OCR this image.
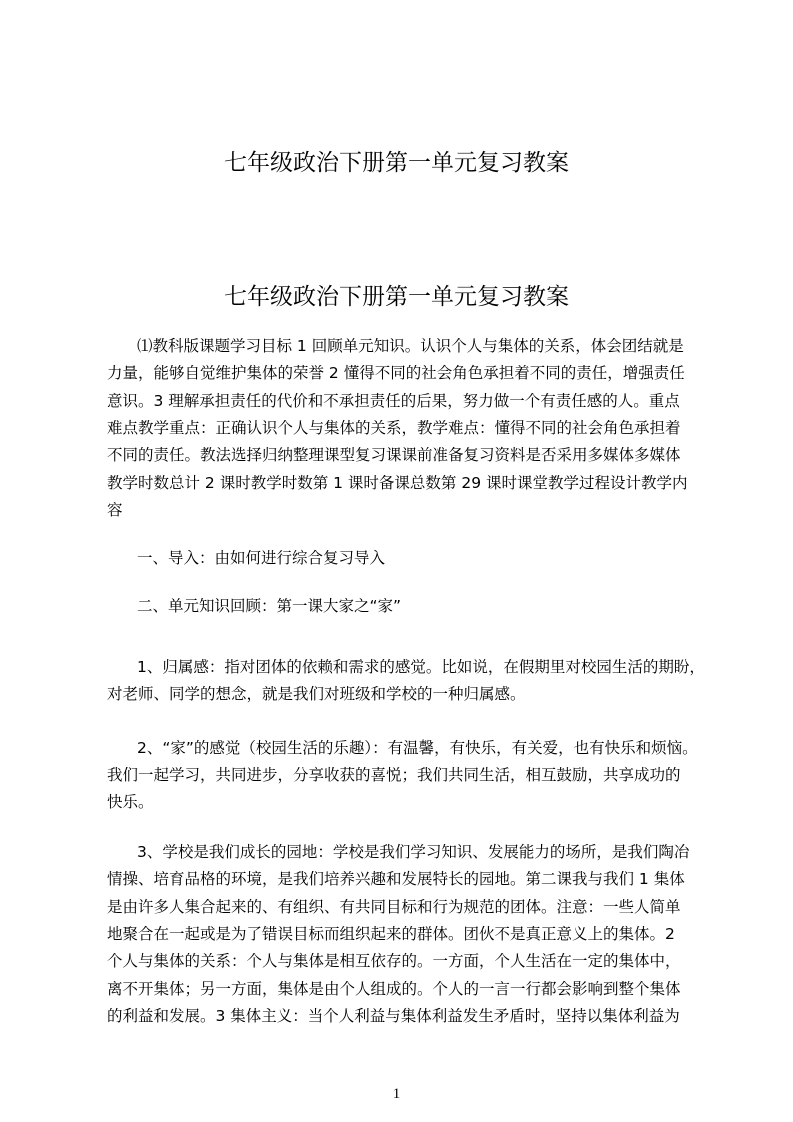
七年级政治下册第一单元复习教案
七年级政治下册第一单元复习教案
⑴教科版课题学习目标 1 回顾单元知识。认识个人与集体的关系，体会团结就是
力量，能够自觉维护集体的荣誉 2 懂得不同的社会角色承担着不同的责任，增强责任
意识。3 理解承担责任的代价和不承担责任的后果，努力做一个有责任感的人。重点
难点教学重点：正确认识个人与集体的关系，教学难点：懂得不同的社会角色承担着
不同的责任。教法选择归纳整理课型复习课课前准备复习资料是否采用多媒体多媒体
教学时数总计 2 课时教学时数第 1 课时备课总数第 29 课时课堂教学过程设计教学内
容
一、导入：由如何进行综合复习导入
二、单元知识回顾：第一课大家之“家”
1、归属感：指对团体的依赖和需求的感觉。比如说，在假期里对校园生活的期盼，
对老师、同学的想念，就是我们对班级和学校的一种归属感。
2、“家”的感觉（校园生活的乐趣）：有温馨，有快乐，有关爱，也有快乐和烦恼。
我们一起学习，共同进步，分享收获的喜悦；我们共同生活，相互鼓励，共享成功的
快乐。
3、学校是我们成长的园地：学校是我们学习知识、发展能力的场所，是我们陶冶
情操、培育品格的环境，是我们培养兴趣和发展特长的园地。第二课我与我们 1 集体
是由许多人集合起来的、有组织、有共同目标和行为规范的团体。注意：一些人简单
地聚合在一起或是为了错误目标而组织起来的群体。团伙不是真正意义上的集体。2
个人与集体的关系：个人与集体是相互依存的。一方面，个人生活在一定的集体中，
离不开集体；另一方面，集体是由个人组成的。个人的一言一行都会影响到整个集体
的利益和发展。3 集体主义：当个人利益与集体利益发生矛盾时，坚持以集体利益为
1
